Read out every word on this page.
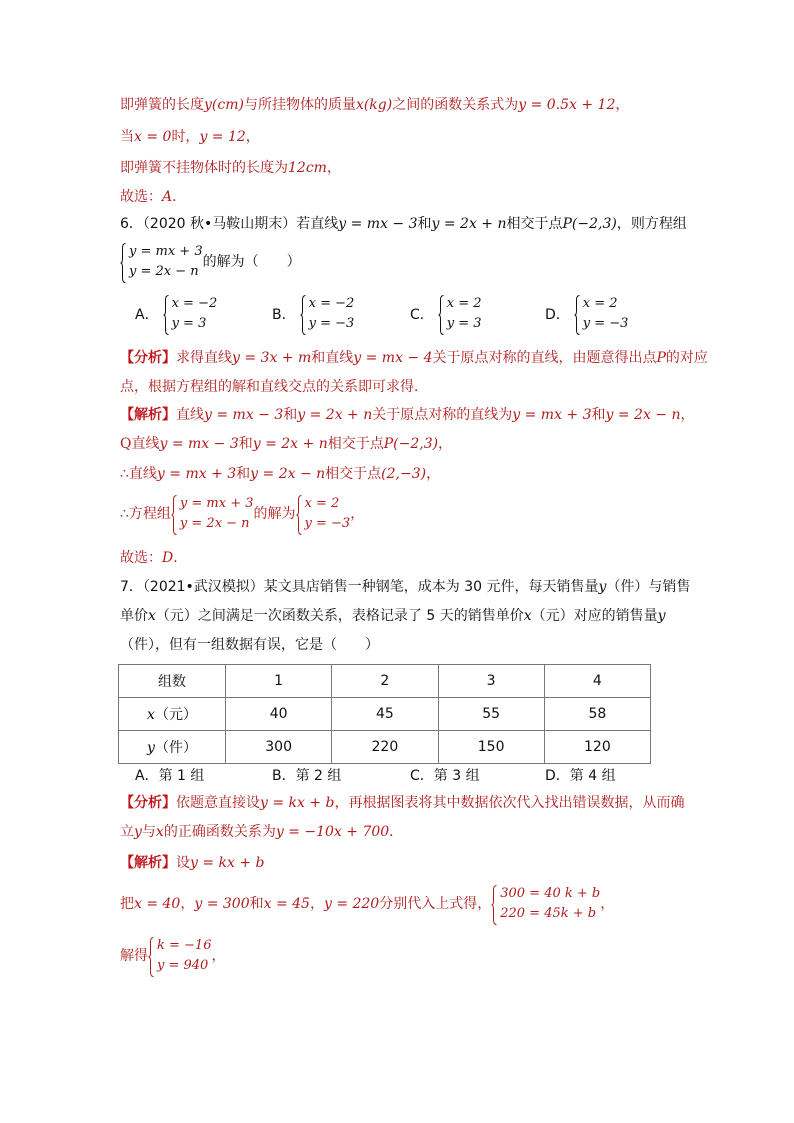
即弹簧的长度y(cm)与所挂物体的质量x(kg)之间的函数关系式为y = 0.5x + 12，
当x = 0时，y = 12，
即弹簧不挂物体时的长度为12cm，
故选：A．
6．（2020 秋•马鞍山期末）若直线y = mx − 3和y = 2x + n相交于点P(−2,3)，则方程组
y = mx + 3
y = 2x − n
的解为（　　）
A．
x = −2
y = 3
B．
x = −2
y = −3
C．
x = 2
y = 3
D．
x = 2
y = −3
【分析】求得直线y = 3x + m和直线y = mx − 4关于原点对称的直线，由题意得出点P的对应
点，根据方程组的解和直线交点的关系即可求得．
【解析】直线y = mx − 3和y = 2x + n关于原点对称的直线为y = mx + 3和y = 2x − n，
Q直线y = mx − 3和y = 2x + n相交于点P(−2,3)，
∴直线y = mx + 3和y = 2x − n相交于点(2,−3)，
∴方程组
y = mx + 3
y = 2x − n
的解为
x = 2
y = −3
，
故选：D．
7．（2021•武汉模拟）某文具店销售一种钢笔，成本为 30 元件，每天销售量y（件）与销售
单价x（元）之间满足一次函数关系，表格记录了 5 天的销售单价x（元）对应的销售量y
（件），但有一组数据有误，它是（　　）
组数	1	2	3	4
x（元）	40	45	55	58
y（件）	300	220	150	120
A．第 1 组	B．第 2 组	C．第 3 组	D．第 4 组
【分析】依题意直接设y = kx + b，再根据图表将其中数据依次代入找出错误数据，从而确
立y与x的正确函数关系为y = −10x + 700．
【解析】设y = kx + b
把x = 40，y = 300和x = 45，y = 220分别代入上式得，
300 = 40 k + b
220 = 45k + b
，
解得
k = −16
y = 940
，
